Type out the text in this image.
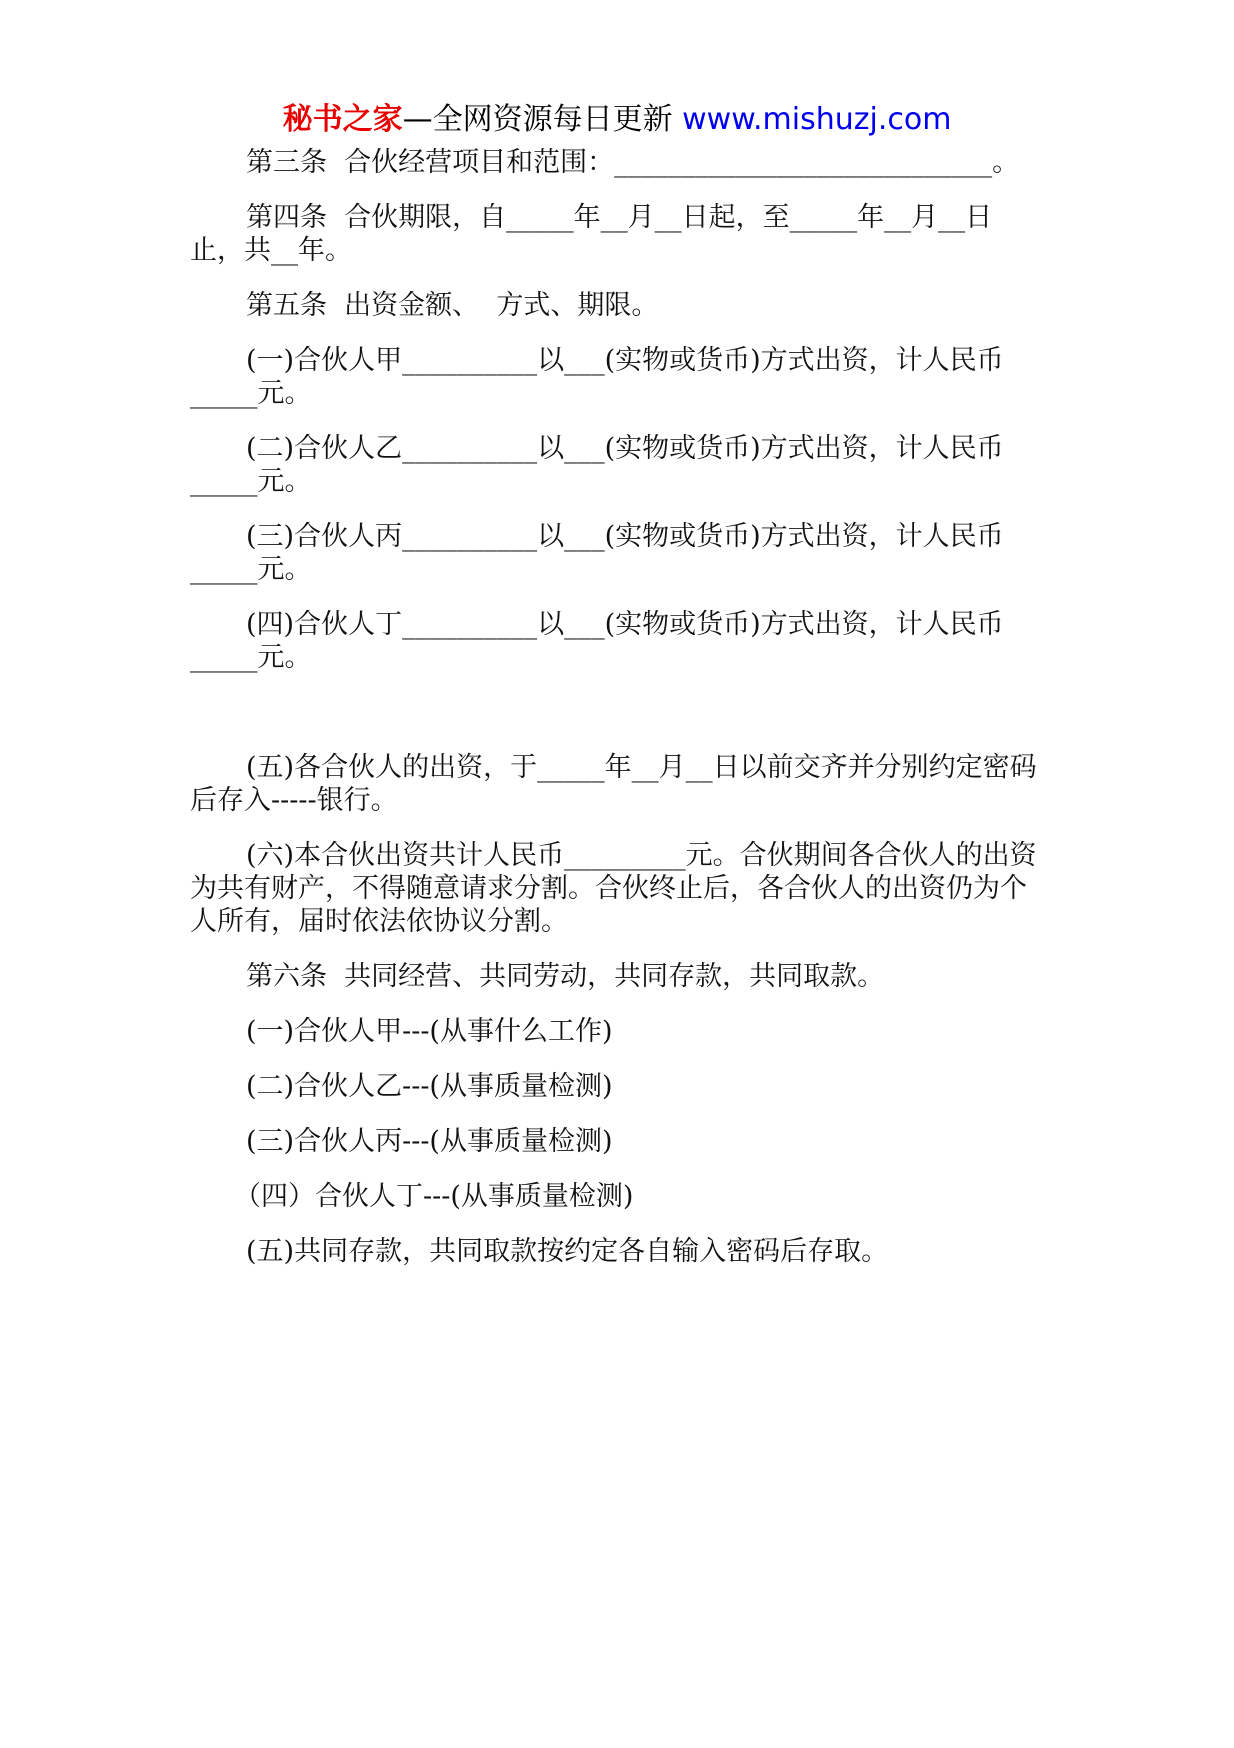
秘书之家—全网资源每日更新 www.mishuzj.com

第三条  合伙经营项目和范围：____________________________。

第四条  合伙期限，自_____年__月__日起，至_____年__月__日止，共__年。

第五条  出资金额、  方式、期限。

(一)合伙人甲__________以___(实物或货币)方式出资，计人民币_____元。

(二)合伙人乙__________以___(实物或货币)方式出资，计人民币_____元。

(三)合伙人丙__________以___(实物或货币)方式出资，计人民币_____元。

(四)合伙人丁__________以___(实物或货币)方式出资，计人民币_____元。

(五)各合伙人的出资，于_____年__月__日以前交齐并分别约定密码后存入-----银行。

(六)本合伙出资共计人民币_________元。合伙期间各合伙人的出资为共有财产，不得随意请求分割。合伙终止后，各合伙人的出资仍为个人所有，届时依法依协议分割。

第六条  共同经营、共同劳动，共同存款，共同取款。

(一)合伙人甲---(从事什么工作)

(二)合伙人乙---(从事质量检测)

(三)合伙人丙---(从事质量检测)

（四）合伙人丁---(从事质量检测)

(五)共同存款，共同取款按约定各自输入密码后存取。
